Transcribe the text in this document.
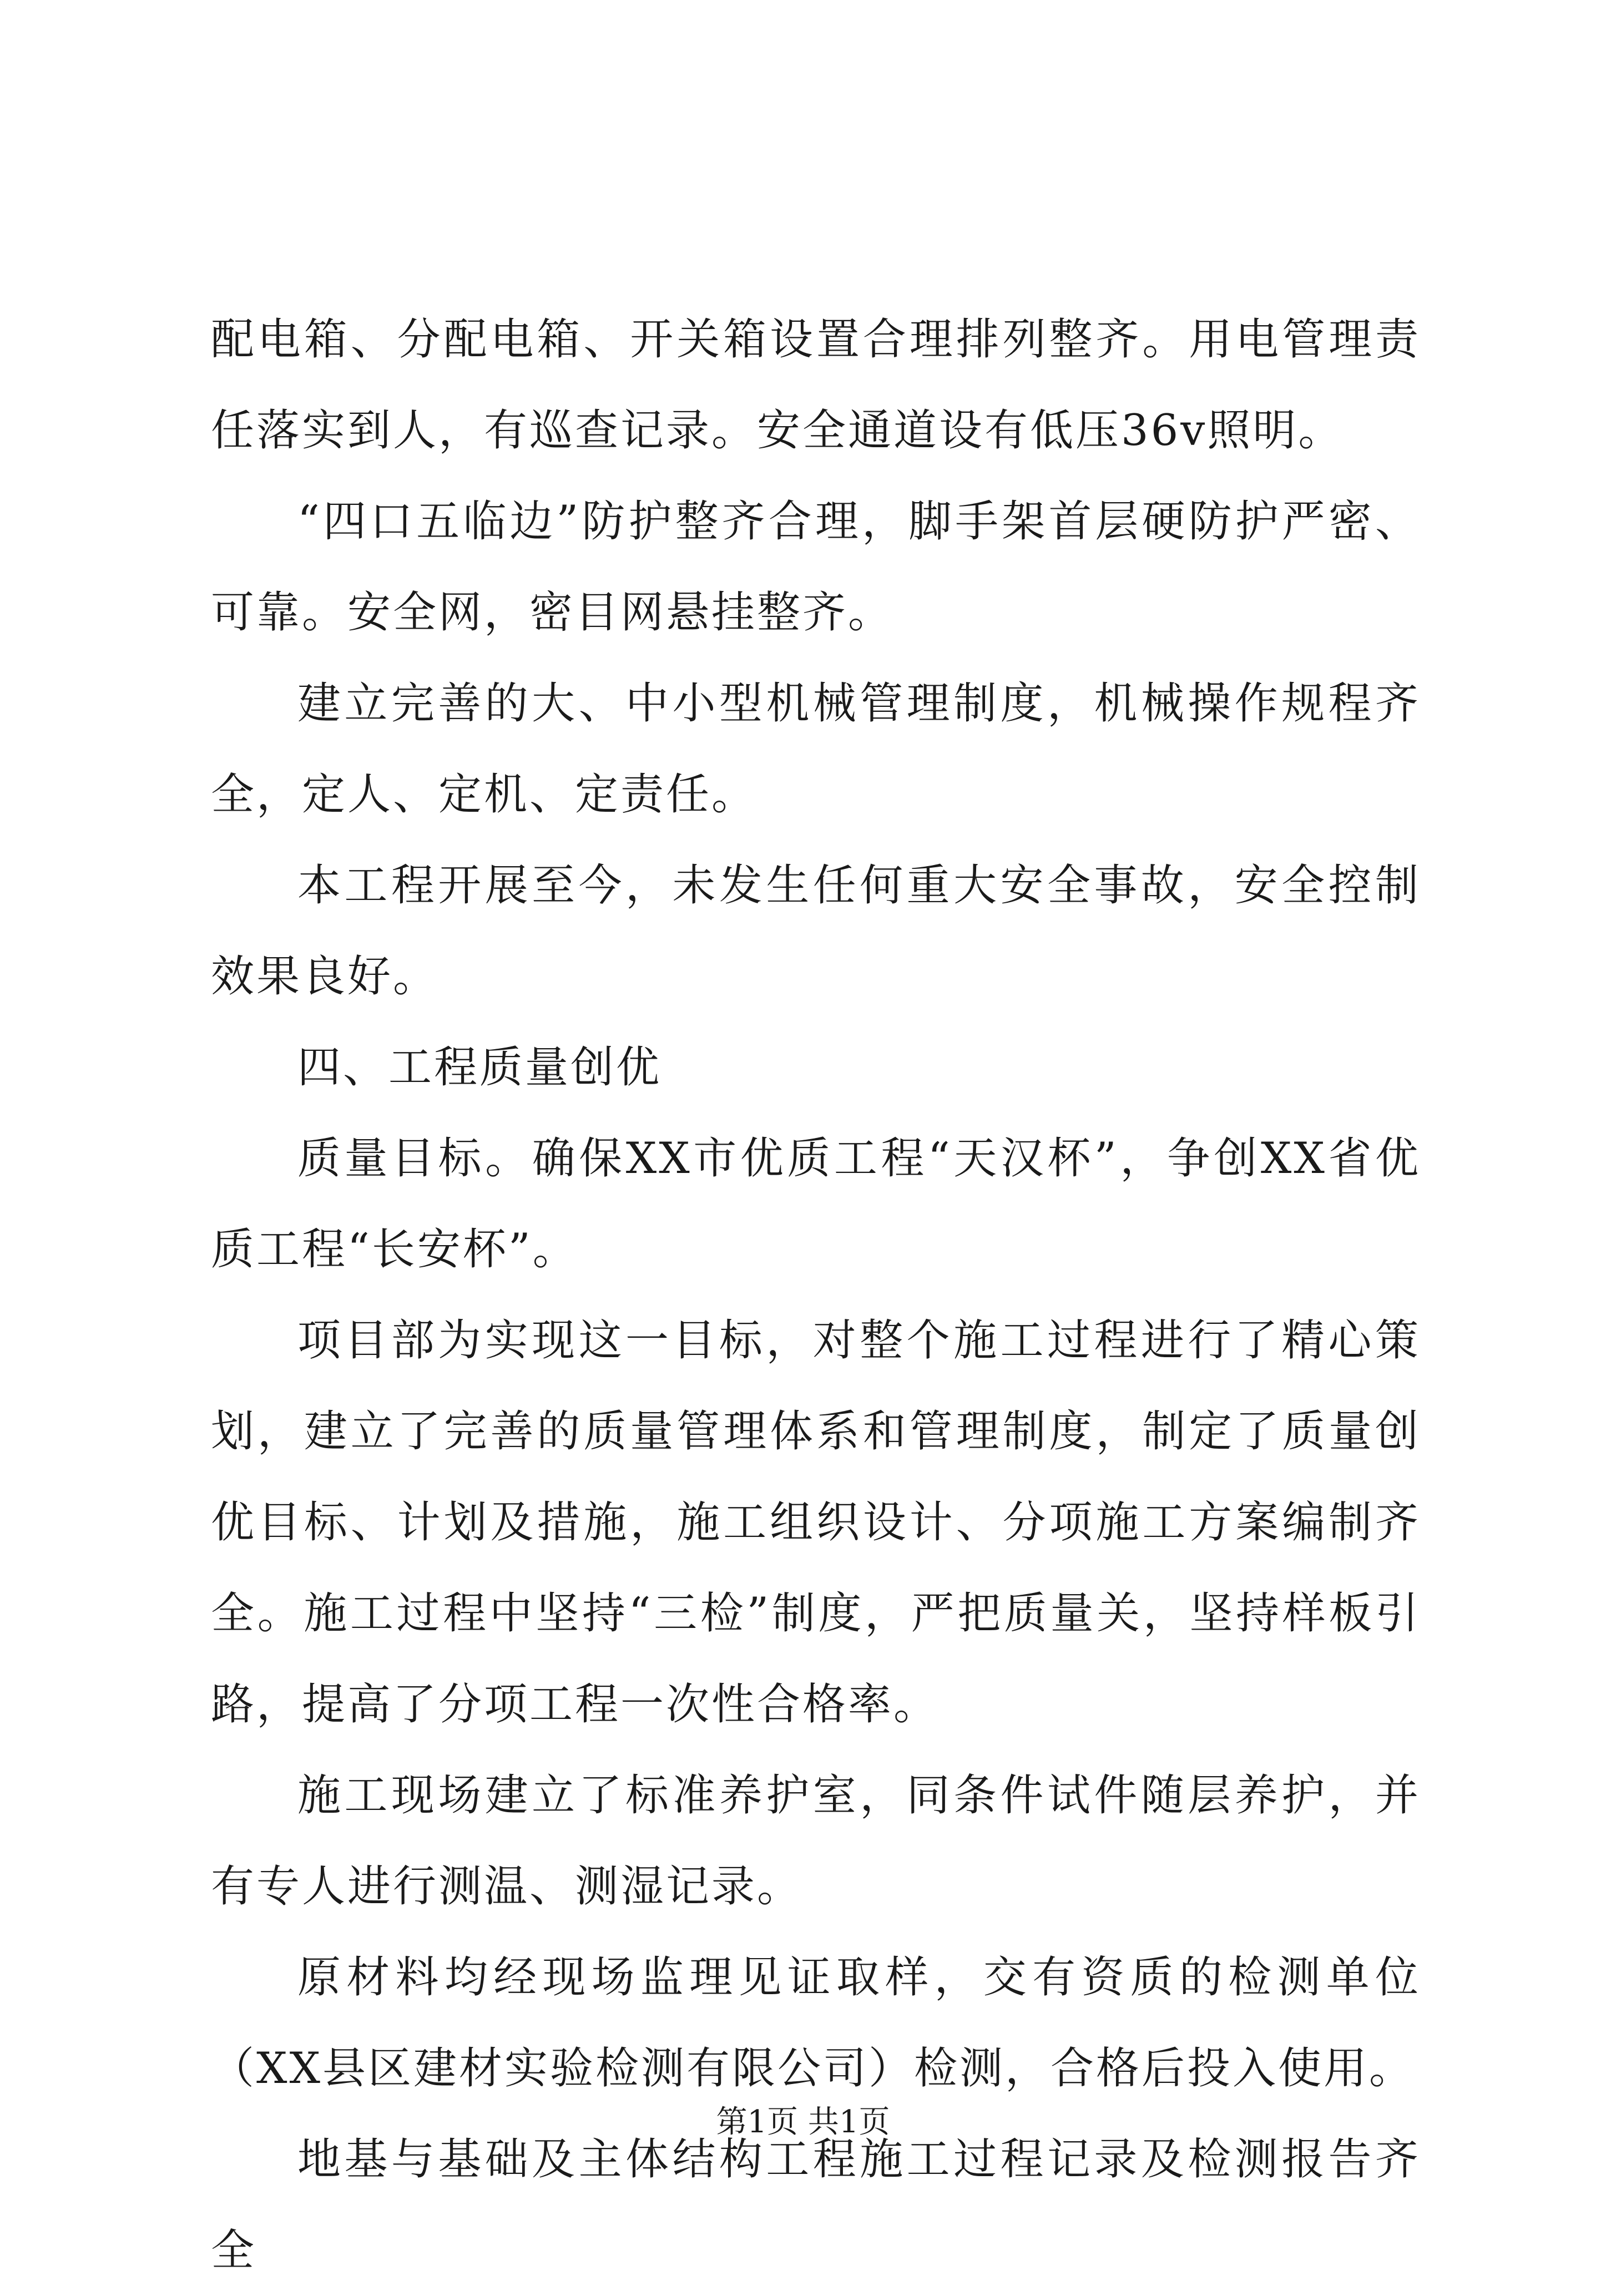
配电箱、分配电箱、开关箱设置合理排列整齐。用电管理责任落实到人，有巡查记录。安全通道设有低压36v照明。

“四口五临边”防护整齐合理，脚手架首层硬防护严密、可靠。安全网，密目网悬挂整齐。

建立完善的大、中小型机械管理制度，机械操作规程齐全，定人、定机、定责任。

本工程开展至今，未发生任何重大安全事故，安全控制效果良好。

四、工程质量创优

质量目标。确保XX市优质工程“天汉杯”，争创XX省优质工程“长安杯”。

项目部为实现这一目标，对整个施工过程进行了精心策划，建立了完善的质量管理体系和管理制度，制定了质量创优目标、计划及措施，施工组织设计、分项施工方案编制齐全。施工过程中坚持“三检”制度，严把质量关，坚持样板引路，提高了分项工程一次性合格率。

施工现场建立了标准养护室，同条件试件随层养护，并有专人进行测温、测湿记录。

原材料均经现场监理见证取样，交有资质的检测单位（XX县区建材实验检测有限公司）检测，合格后投入使用。

地基与基础及主体结构工程施工过程记录及检测报告齐全

第1页 共1页
